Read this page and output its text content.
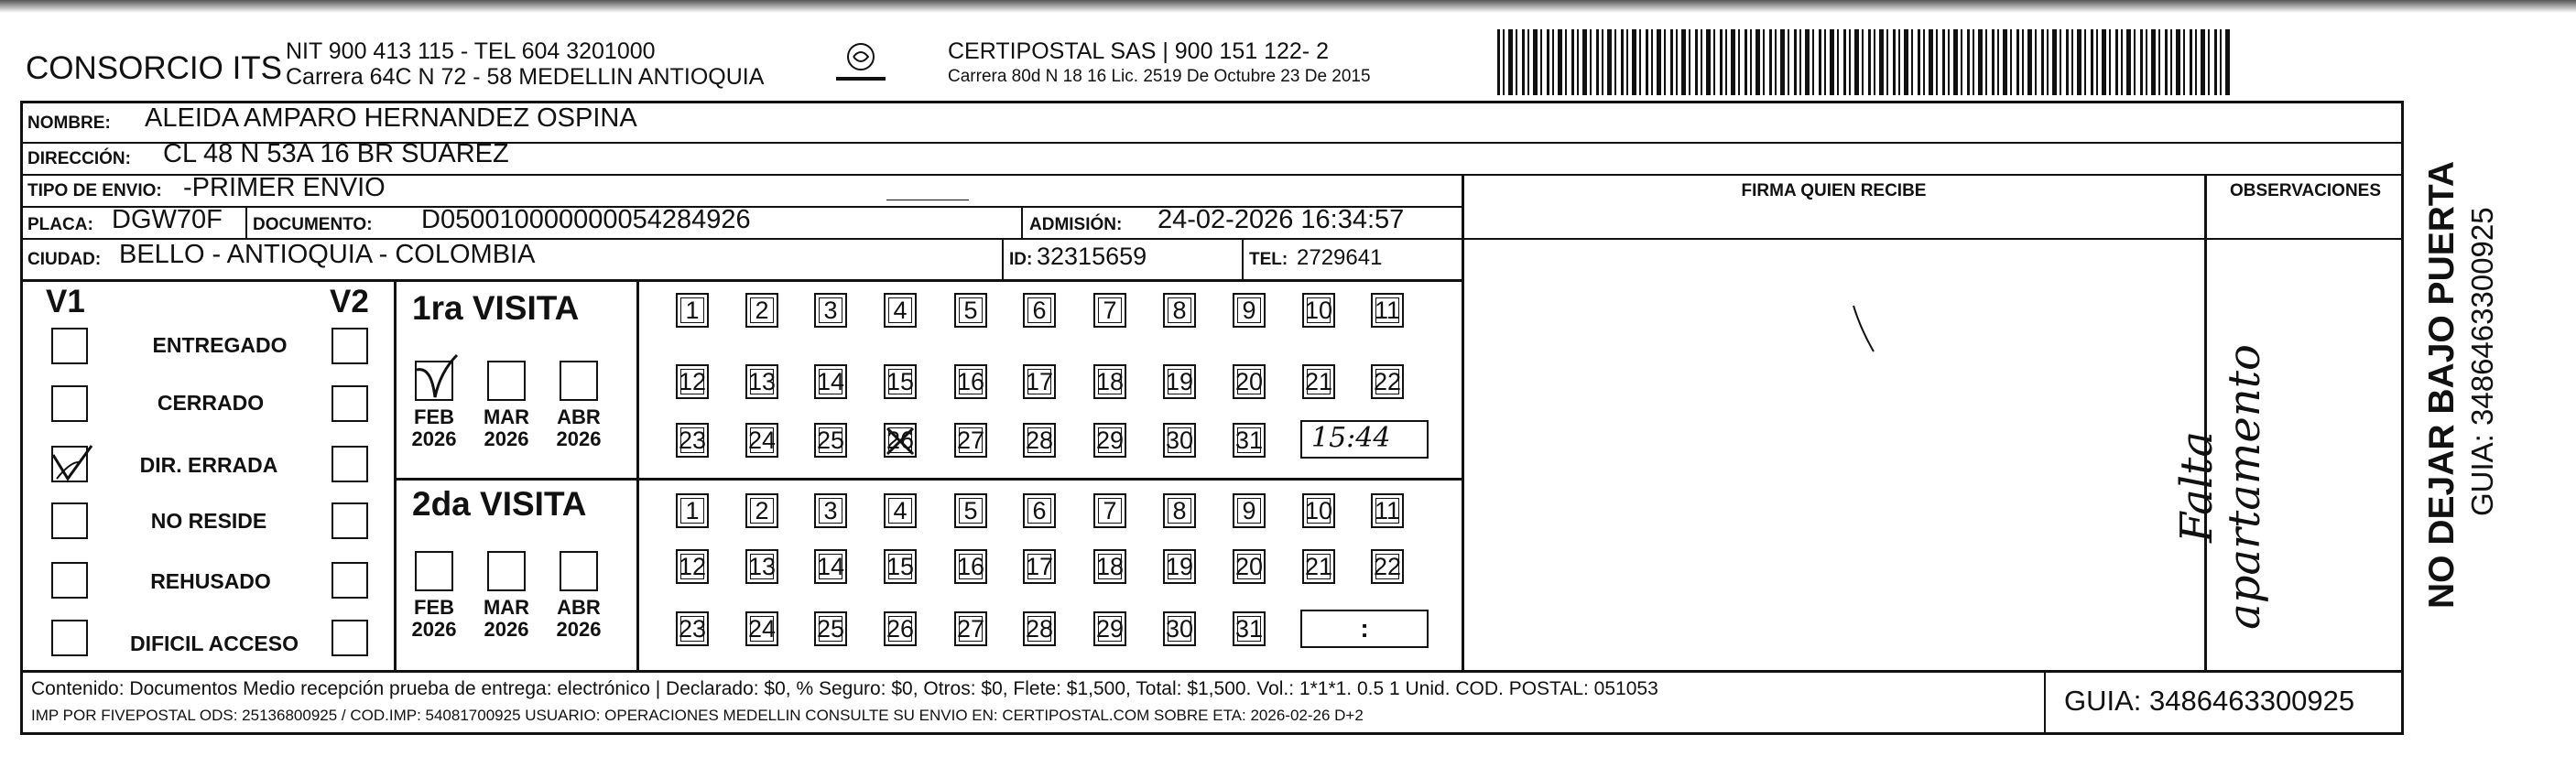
CONSORCIO ITS NIT 900 413 115 - TEL 604 3201000
Carrera 64C N 72 - 58 MEDELLIN ANTIOQUIA
CERTIPOSTAL SAS | 900 151 122- 2
Carrera 80d N 18 16 Lic. 2519 De Octubre 23 De 2015
NOMBRE: ALEIDA AMPARO HERNANDEZ OSPINA
DIRECCIÓN: CL 48 N 53A 16 BR SUAREZ
TIPO DE ENVIO: -PRIMER ENVIO	FIRMA QUIEN RECIBE	OBSERVACIONES
PLACA: DGW70F DOCUMENTO: D050010000000054284926	ADMISIÓN: 24-02-2026 16:34:57
CIUDAD: BELLO - ANTIOQUIA - COLOMBIA	ID: 32315659	TEL: 2729641
V1	V2
ENTREGADO
CERRADO
DIR. ERRADA
NO RESIDE
REHUSADO
DIFICIL ACCESO
1ra VISITA
2da VISITA
FEB
2026
MAR
2026
ABR
2026
FEB
2026
MAR
2026
ABR
2026
1	2	3	4	5	6	7	8	9	10 11
12 13 14 15 16 17 18 19 20 21 22
23 24 25 26 27 28 29 30 31
1	2	3	4	5	6	7	8	9	10 11
12 13 14 15 16 17 18 19 20 21 22
23 24 25 26 27 28 29 30 31
15:44
:
Falta apartamento
Contenido: Documentos Medio recepción prueba de entrega: electrónico | Declarado: $0, % Seguro: $0, Otros: $0, Flete: $1,500, Total: $1,500. Vol.: 1*1*1. 0.5 1 Unid. COD. POSTAL: 051053
IMP POR FIVEPOSTAL ODS: 25136800925 / COD.IMP: 54081700925 USUARIO: OPERACIONES MEDELLIN CONSULTE SU ENVIO EN: CERTIPOSTAL.COM SOBRE ETA: 2026-02-26 D+2	GUIA: 3486463300925
NO DEJAR BAJO PUERTA GUIA: 3486463300925
